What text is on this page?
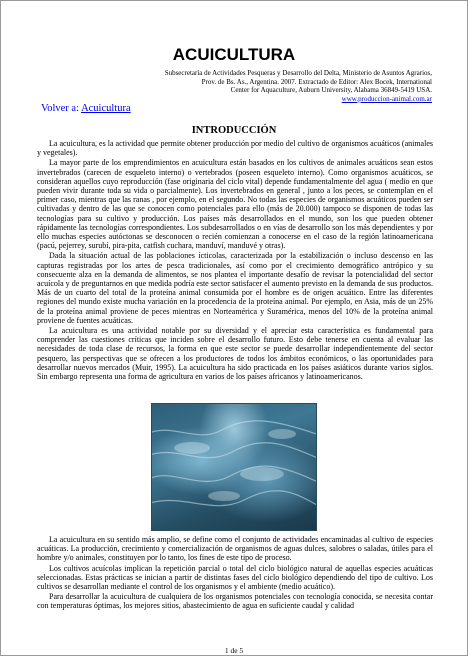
ACUICULTURA
Subsecretaría de Actividades Pesqueras y Desarrollo del Delta, Ministerio de Asuntos Agrarios,
Prov. de Bs. As., Argentina. 2007. Extractado de Editor: Alex Bocek, International
Center for Aquaculture, Auburn University, Alabama 36849-5419 USA.
www.produccion-animal.com.ar
Volver a: Acuicultura
INTRODUCCIÓN

La acuicultura, es la actividad que permite obtener producción por medio del cultivo de organismos acuáticos (animales y vegetales).

La mayor parte de los emprendimientos en acuicultura están basados en los cultivos de animales acuáticos sean estos invertebrados (carecen de esqueleto interno) o vertebrados (poseen esqueleto interno). Como organismos acuáticos, se consideran aquellos cuyo reproducción (fase originaria del ciclo vital) depende fundamentalmente del agua ( medio en que pueden vivir durante toda su vida o parcialmente). Los invertebrados en general , junto a los peces, se contemplan en el primer caso, mientras que las ranas , por ejemplo, en el segundo. No todas las especies de organismos acuáticos pueden ser cultivadas y dentro de las que se conocen como potenciales para ello (más de 20.000) tampoco se disponen de todas las tecnologías para su cultivo y producción. Los países más desarrollados en el mundo, son los que pueden obtener rápidamente las tecnologías correspondientes. Los subdesarrollados o en vías de desarrollo son los más dependientes y por ello muchas especies autóctonas se desconocen o recién comienzan a conocerse en el caso de la región latinoamericana (pacú, pejerrey, surubí, pira-pita, catfish cuchara, manduví, manduvé y otras).

Dada la situación actual de las poblaciones ícticolas, caracterizada por la estabilización o incluso descenso en las capturas registradas por los artes de pesca tradicionales, así como por el crecimiento demográfico antrópico y su consecuente alza en la demanda de alimentos, se nos plantea el importante desafío de revisar la potencialidad del sector acuícola y de preguntarnos en que medida podría este sector satisfacer el aumento previsto en la demanda de sus productos. Más de un cuarto del total de la proteína animal consumida por el hombre es de origen acuático. Entre las diferentes regiones del mundo existe mucha variación en la procedencia de la proteína animal. Por ejemplo, en Asia, más de un 25% de la proteína animal proviene de peces mientras en Norteamérica y Suramérica, menos del 10% de la proteína animal proviene de fuentes acuáticas.

La acuicultura es una actividad notable por su diversidad y el apreciar esta característica es fundamental para comprender las cuestiones críticas que inciden sobre el desarrollo futuro. Esto debe tenerse en cuenta al evaluar las necesidades de toda clase de recursos, la forma en que este sector se puede desarrollar independientemente del sector pesquero, las perspectivas que se ofrecen a los productores de todos los ámbitos económicos, o las oportunidades para desarrollar nuevos mercados (Muir, 1995). La acuicultura ha sido practicada en los países asiáticos durante varios siglos. Sin embargo representa una forma de agricultura en varios de los países africanos y latinoamericanos.

La acuicultura en su sentido más amplio, se define como el conjunto de actividades encaminadas al cultivo de especies acuáticas. La producción, crecimiento y comercialización de organismos de aguas dulces, salobres o saladas, útiles para el hombre y/o animales, constituyen por lo tanto, los fines de este tipo de proceso.

Los cultivos acuícolas implican la repetición parcial o total del ciclo biológico natural de aquellas especies acuáticas seleccionadas. Estas prácticas se inician a partir de distintas fases del ciclo biológico dependiendo del tipo de cultivo. Los cultivos se desarrollan mediante el control de los organismos y el ambiente (medio acuático).

Para desarrollar la acuicultura de cualquiera de los organismos potenciales con tecnología conocida, se necesita contar con temperaturas óptimas, los mejores sitios, abastecimiento de agua en suficiente caudal y calidad

1 de 5
